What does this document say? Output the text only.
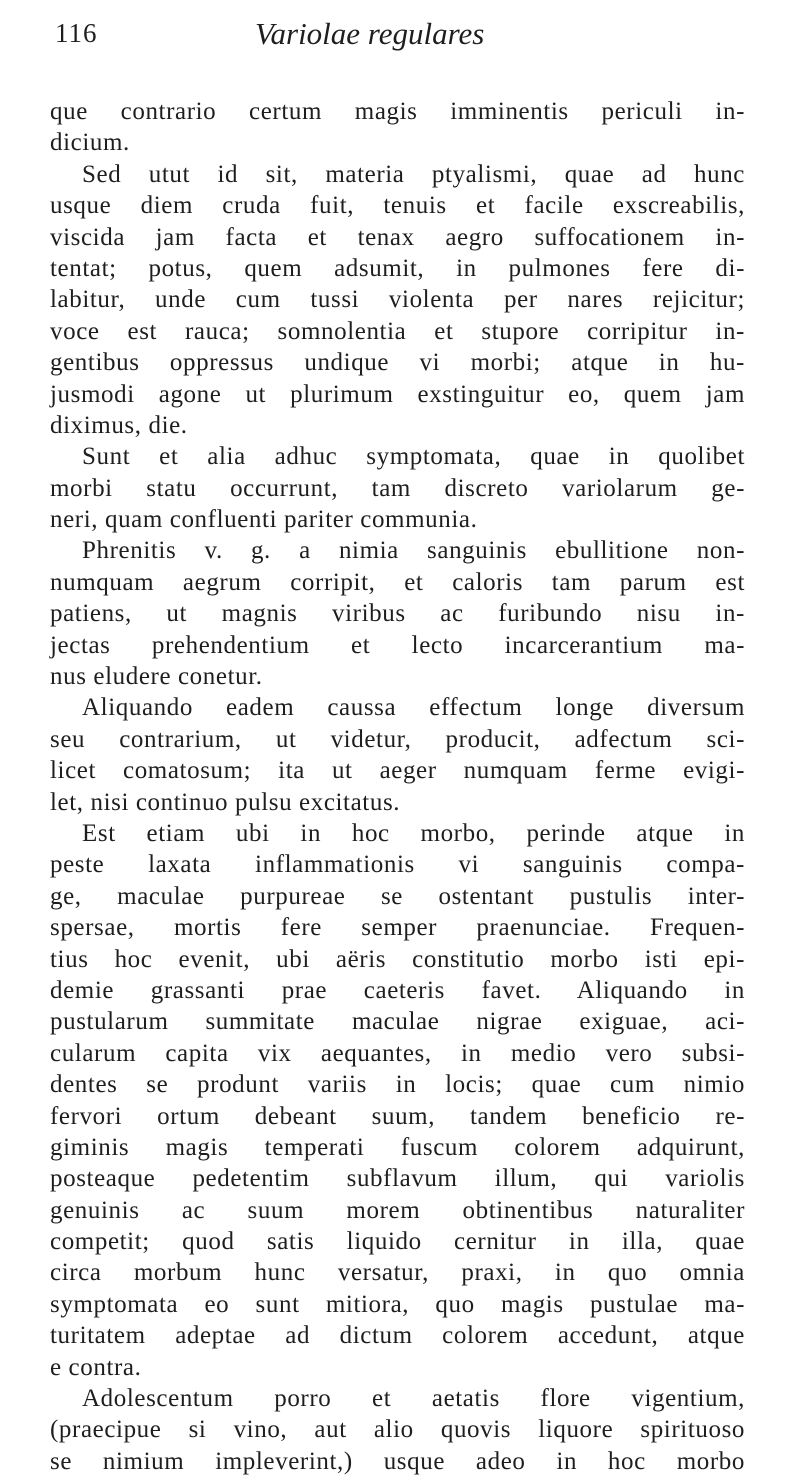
116	Variolae regulares
que contrario certum magis imminentis periculi in-
dicium.
Sed utut id sit, materia ptyalismi, quae ad hunc
usque diem cruda fuit, tenuis et facile exscreabilis,
viscida jam facta et tenax aegro suffocationem in-
tentat; potus, quem adsumit, in pulmones fere di-
labitur, unde cum tussi violenta per nares rejicitur;
voce est rauca; somnolentia et stupore corripitur in-
gentibus oppressus undique vi morbi; atque in hu-
jusmodi agone ut plurimum exstinguitur eo, quem jam
diximus, die.
Sunt et alia adhuc symptomata, quae in quolibet
morbi statu occurrunt, tam discreto variolarum ge-
neri, quam confluenti pariter communia.
Phrenitis v. g. a nimia sanguinis ebullitione non-
numquam aegrum corripit, et caloris tam parum est
patiens, ut magnis viribus ac furibundo nisu in-
jectas prehendentium et lecto incarcerantium ma-
nus eludere conetur.
Aliquando eadem caussa effectum longe diversum
seu contrarium, ut videtur, producit, adfectum sci-
licet comatosum; ita ut aeger numquam ferme evigi-
let, nisi continuo pulsu excitatus.
Est etiam ubi in hoc morbo, perinde atque in
peste laxata inflammationis vi sanguinis compa-
ge, maculae purpureae se ostentant pustulis inter-
spersae, mortis fere semper praenunciae. Frequen-
tius hoc evenit, ubi aëris constitutio morbo isti epi-
demie grassanti prae caeteris favet. Aliquando in
pustularum summitate maculae nigrae exiguae, aci-
cularum capita vix aequantes, in medio vero subsi-
dentes se produnt variis in locis; quae cum nimio
fervori ortum debeant suum, tandem beneficio re-
giminis magis temperati fuscum colorem adquirunt,
posteaque pedetentim subflavum illum, qui variolis
genuinis ac suum morem obtinentibus naturaliter
competit; quod satis liquido cernitur in illa, quae
circa morbum hunc versatur, praxi, in quo omnia
symptomata eo sunt mitiora, quo magis pustulae ma-
turitatem adeptae ad dictum colorem accedunt, atque
e contra.
Adolescentum porro et aetatis flore vigentium,
(praecipue si vino, aut alio quovis liquore spirituoso
se nimium impleverint,) usque adeo in hoc morbo
